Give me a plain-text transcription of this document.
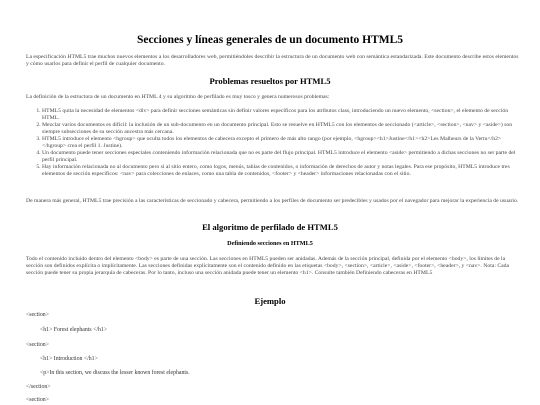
Secciones y líneas generales de un documento HTML5
La especificación HTML5 trae muchos nuevos elementos a los desarrolladores web, permitiéndoles describir la estructura de un documento web con semántica estandarizada. Este documento describe estos elementos y cómo usarlos para definir el perfil de cualquier documento.
Problemas resueltos por HTML5
La definición de la estructura de un documento en HTML 4 y su algoritmo de perfilado es muy tosco y genera numerosos problemas:
1. HTML5 quita la necesidad de elementos <div> para definir secciones semánticas sin definir valores específicos para los atributos class, introduciendo un nuevo elemento, <section>, el elemento de sección HTML.
2. Mezclar varios documentos es difícil: la inclusión de un sub-documento en un documento principal. Esto se resuelve en HTML5 con los elementos de seccionado (<article>, <section>, <nav> y <aside>) son siempre subsecciones de su sección ancestra más cercana.
3. HTML5 introduce el elemento <hgroup> que oculta todos los elementos de cabecera excepto el primero de más alto rango (por ejemplo, <hgroup><h1>Justine</h1><h2>Les Malheurs de la Vertu</h2></hgroup> crea el perfil 1. Justine).
4. Un documento puede tener secciones especiales conteniendo información relacionada que no es parte del flujo principal. HTML5 introduce el elemento <aside> permitiendo a dichas secciones no ser parte del perfil principal.
5. Hay información relacionada no al documento pero sí al sitio entero, como logos, menús, tablas de contenidos, o información de derechos de autor y notas legales. Para ese propósito, HTML5 introduce tres elementos de sección específicos: <nav> para colecciones de enlaces, como una tabla de contenidos, <footer> y <header> informaciones relacionadas con el sitio.
De manera más general, HTML5 trae precisión a las características de seccionado y cabecera, permitiendo a los perfiles de documento ser predecibles y usados por el navegador para mejorar la experiencia de usuario.
El algoritmo de perfilado de HTML5
Definiendo secciones en HTML5
Todo el contenido incluido dentro del elemento <body> es parte de una sección. Las secciones en HTML5 pueden ser anidadas. Además de la sección principal, definida por el elemento <body>, los límites de la sección son definidos explícita o implícitamente. Las secciones definidas explícitamente son el contenido definido en las etiquetas <body>, <section>, <article>, <aside>, <footer>, <header>, y <nav>. Nota: Cada sección puede tener su propia jerarquía de cabeceras. Por lo tanto, incluso una sección anidada puede tener un elemento <h1>. Consulte también Definiendo cabeceras en HTML5
Ejemplo
<section>
<h1> Forest elephants </h1>
<section>
<h1> Introduction </h1>
<p>In this section, we discuss the lesser known forest elephants.
</section>
<section>
